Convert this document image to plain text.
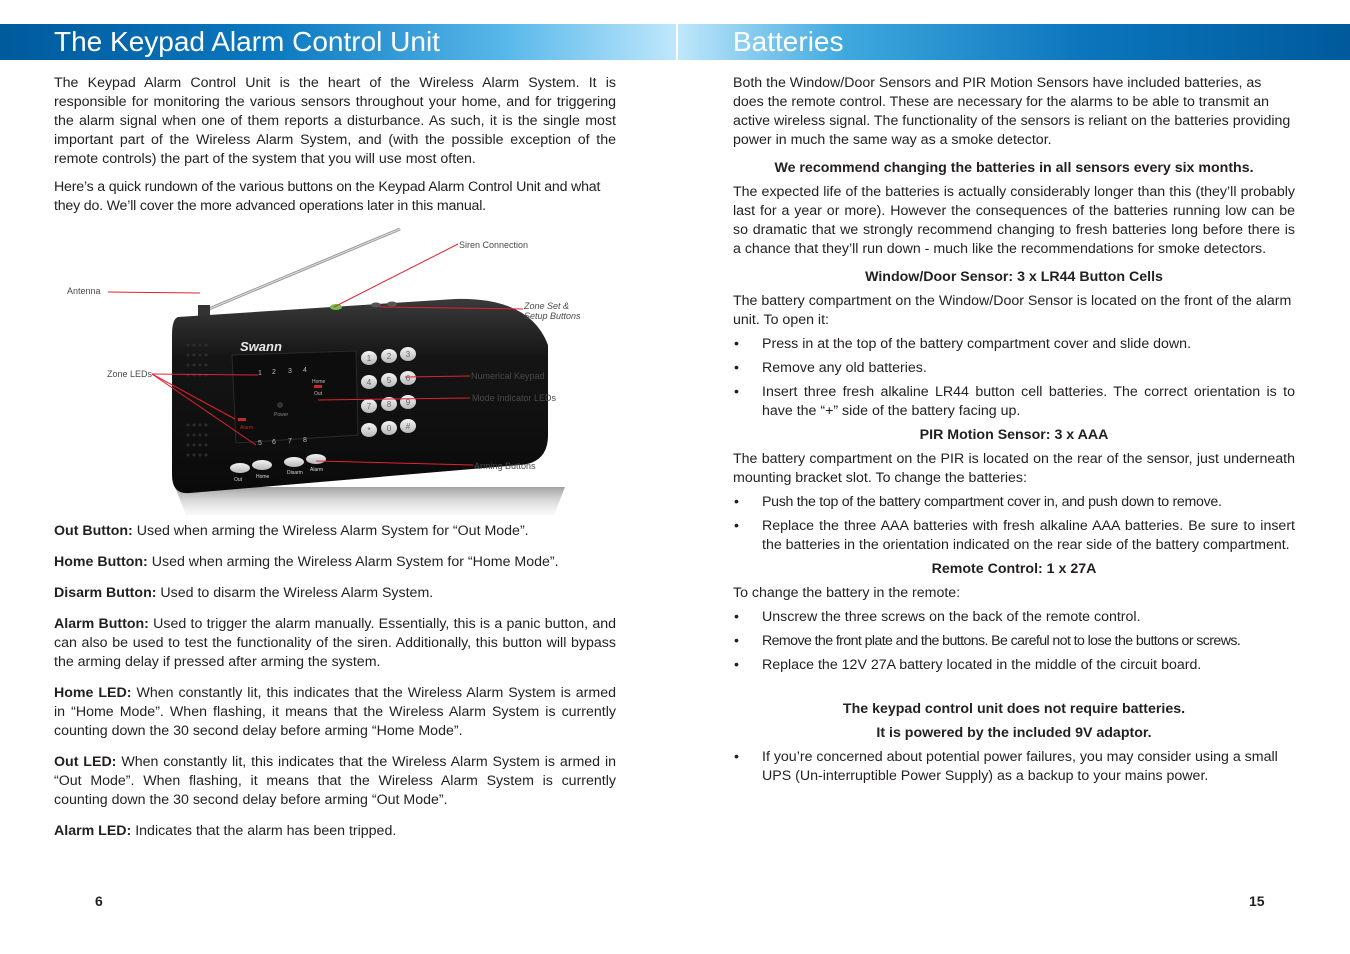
The Keypad Alarm Control Unit

The Keypad Alarm Control Unit is the heart of the Wireless Alarm System. It is responsible for monitoring the various sensors throughout your home, and for triggering the alarm signal when one of them reports a disturbance. As such, it is the single most important part of the Wireless Alarm System, and (with the possible exception of the remote controls) the part of the system that you will use most often.

Here’s a quick rundown of the various buttons on the Keypad Alarm Control Unit and what they do. We’ll cover the more advanced operations later in this manual.

Swann
1 2 3 4
5 6 7 8
Power
Home
Out
Alarm
1 2 3
4 5 6
7 8 9
* 0 #
Out	Home
Disarm Alarm
Siren Connection
Antenna
Zone Set &
Setup Buttons
Zone LEDs	Numerical Keypad
Mode Indicator LEDs
Arming Buttons

Out Button: Used when arming the Wireless Alarm System for “Out Mode”.

Home Button: Used when arming the Wireless Alarm System for “Home Mode”.

Disarm Button: Used to disarm the Wireless Alarm System.

Alarm Button: Used to trigger the alarm manually. Essentially, this is a panic button, and can also be used to test the functionality of the siren. Additionally, this button will bypass the arming delay if pressed after arming the system.

Home LED: When constantly lit, this indicates that the Wireless Alarm System is armed in “Home Mode”. When flashing, it means that the Wireless Alarm System is currently counting down the 30 second delay before arming “Home Mode”.

Out LED: When constantly lit, this indicates that the Wireless Alarm System is armed in “Out Mode”. When flashing, it means that the Wireless Alarm System is currently counting down the 30 second delay before arming “Out Mode”.

Alarm LED: Indicates that the alarm has been tripped.

6
Batteries

Both the Window/Door Sensors and PIR Motion Sensors have included batteries, as does the remote control. These are necessary for the alarms to be able to transmit an active wireless signal. The functionality of the sensors is reliant on the batteries providing power in much the same way as a smoke detector.

We recommend changing the batteries in all sensors every six months.

The expected life of the batteries is actually considerably longer than this (they’ll probably last for a year or more). However the consequences of the batteries running low can be so dramatic that we strongly recommend changing to fresh batteries long before there is a chance that they’ll run down - much like the recommendations for smoke detectors.

Window/Door Sensor: 3 x LR44 Button Cells

The battery compartment on the Window/Door Sensor is located on the front of the alarm unit. To open it:

• Press in at the top of the battery compartment cover and slide down.
• Remove any old batteries.
• Insert three fresh alkaline LR44 button cell batteries. The correct orientation is to have the “+” side of the battery facing up.

PIR Motion Sensor: 3 x AAA

The battery compartment on the PIR is located on the rear of the sensor, just underneath mounting bracket slot. To change the batteries:

• Push the top of the battery compartment cover in, and push down to remove.
• Replace the three AAA batteries with fresh alkaline AAA batteries. Be sure to insert the batteries in the orientation indicated on the rear side of the battery compartment.

Remote Control: 1 x 27A

To change the battery in the remote:

• Unscrew the three screws on the back of the remote control.
• Remove the front plate and the buttons. Be careful not to lose the buttons or screws.
• Replace the 12V 27A battery located in the middle of the circuit board.

The keypad control unit does not require batteries.

It is powered by the included 9V adaptor.

• If you’re concerned about potential power failures, you may consider using a small UPS (Un-interruptible Power Supply) as a backup to your mains power.
15
